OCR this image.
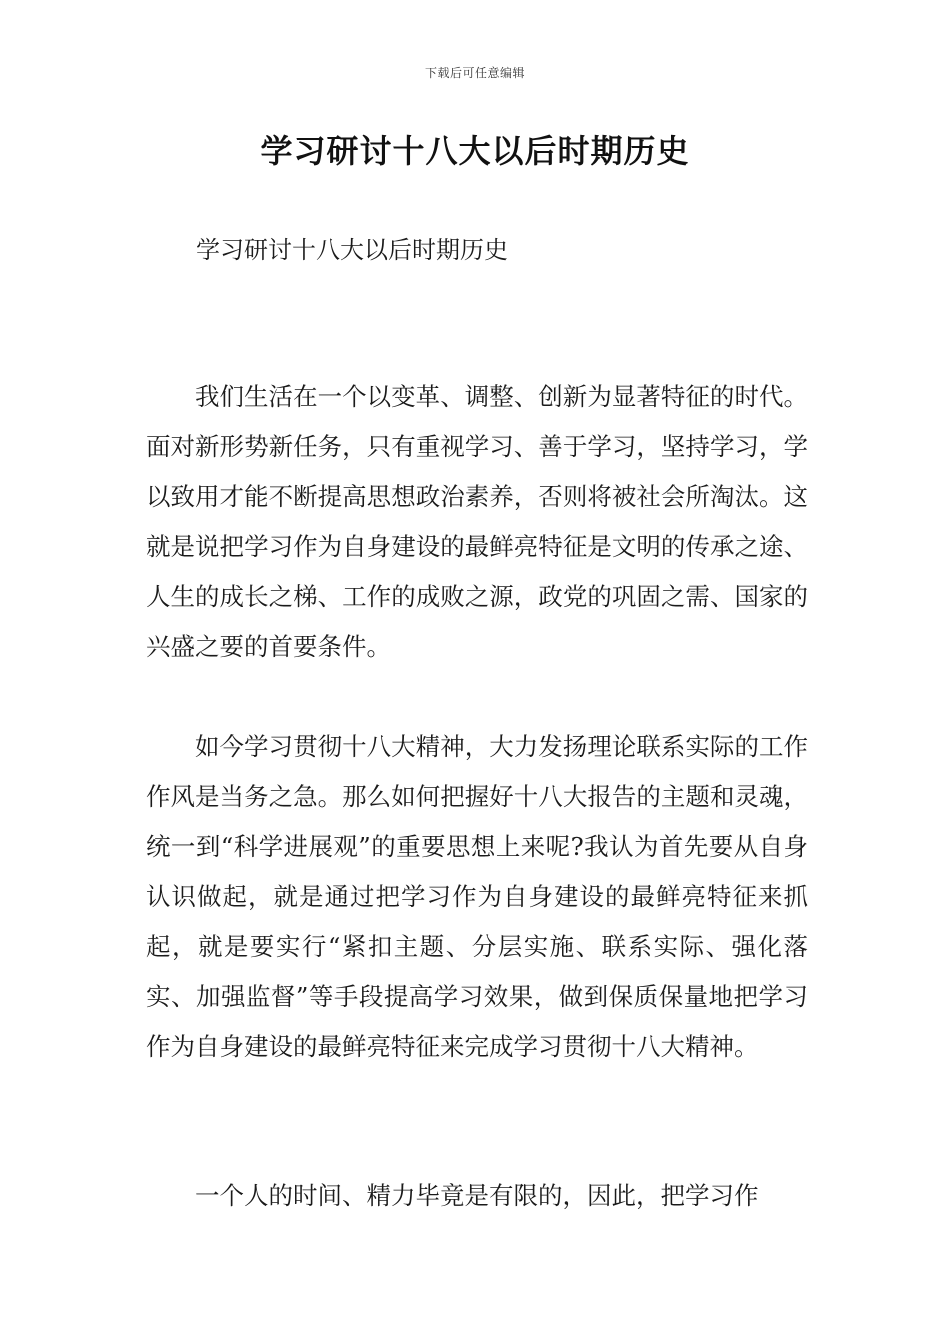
下载后可任意编辑
学习研讨十八大以后时期历史

学习研讨十八大以后时期历史

我们生活在一个以变革、调整、创新为显著特征的时代。面对新形势新任务，只有重视学习、善于学习，坚持学习，学以致用才能不断提高思想政治素养，否则将被社会所淘汰。这就是说把学习作为自身建设的最鲜亮特征是文明的传承之途、人生的成长之梯、工作的成败之源，政党的巩固之需、国家的兴盛之要的首要条件。

如今学习贯彻十八大精神，大力发扬理论联系实际的工作作风是当务之急。那么如何把握好十八大报告的主题和灵魂，统一到“科学进展观”的重要思想上来呢?我认为首先要从自身认识做起，就是通过把学习作为自身建设的最鲜亮特征来抓起，就是要实行“紧扣主题、分层实施、联系实际、强化落实、加强监督”等手段提高学习效果，做到保质保量地把学习作为自身建设的最鲜亮特征来完成学习贯彻十八大精神。

一个人的时间、精力毕竟是有限的，因此，把学习作
